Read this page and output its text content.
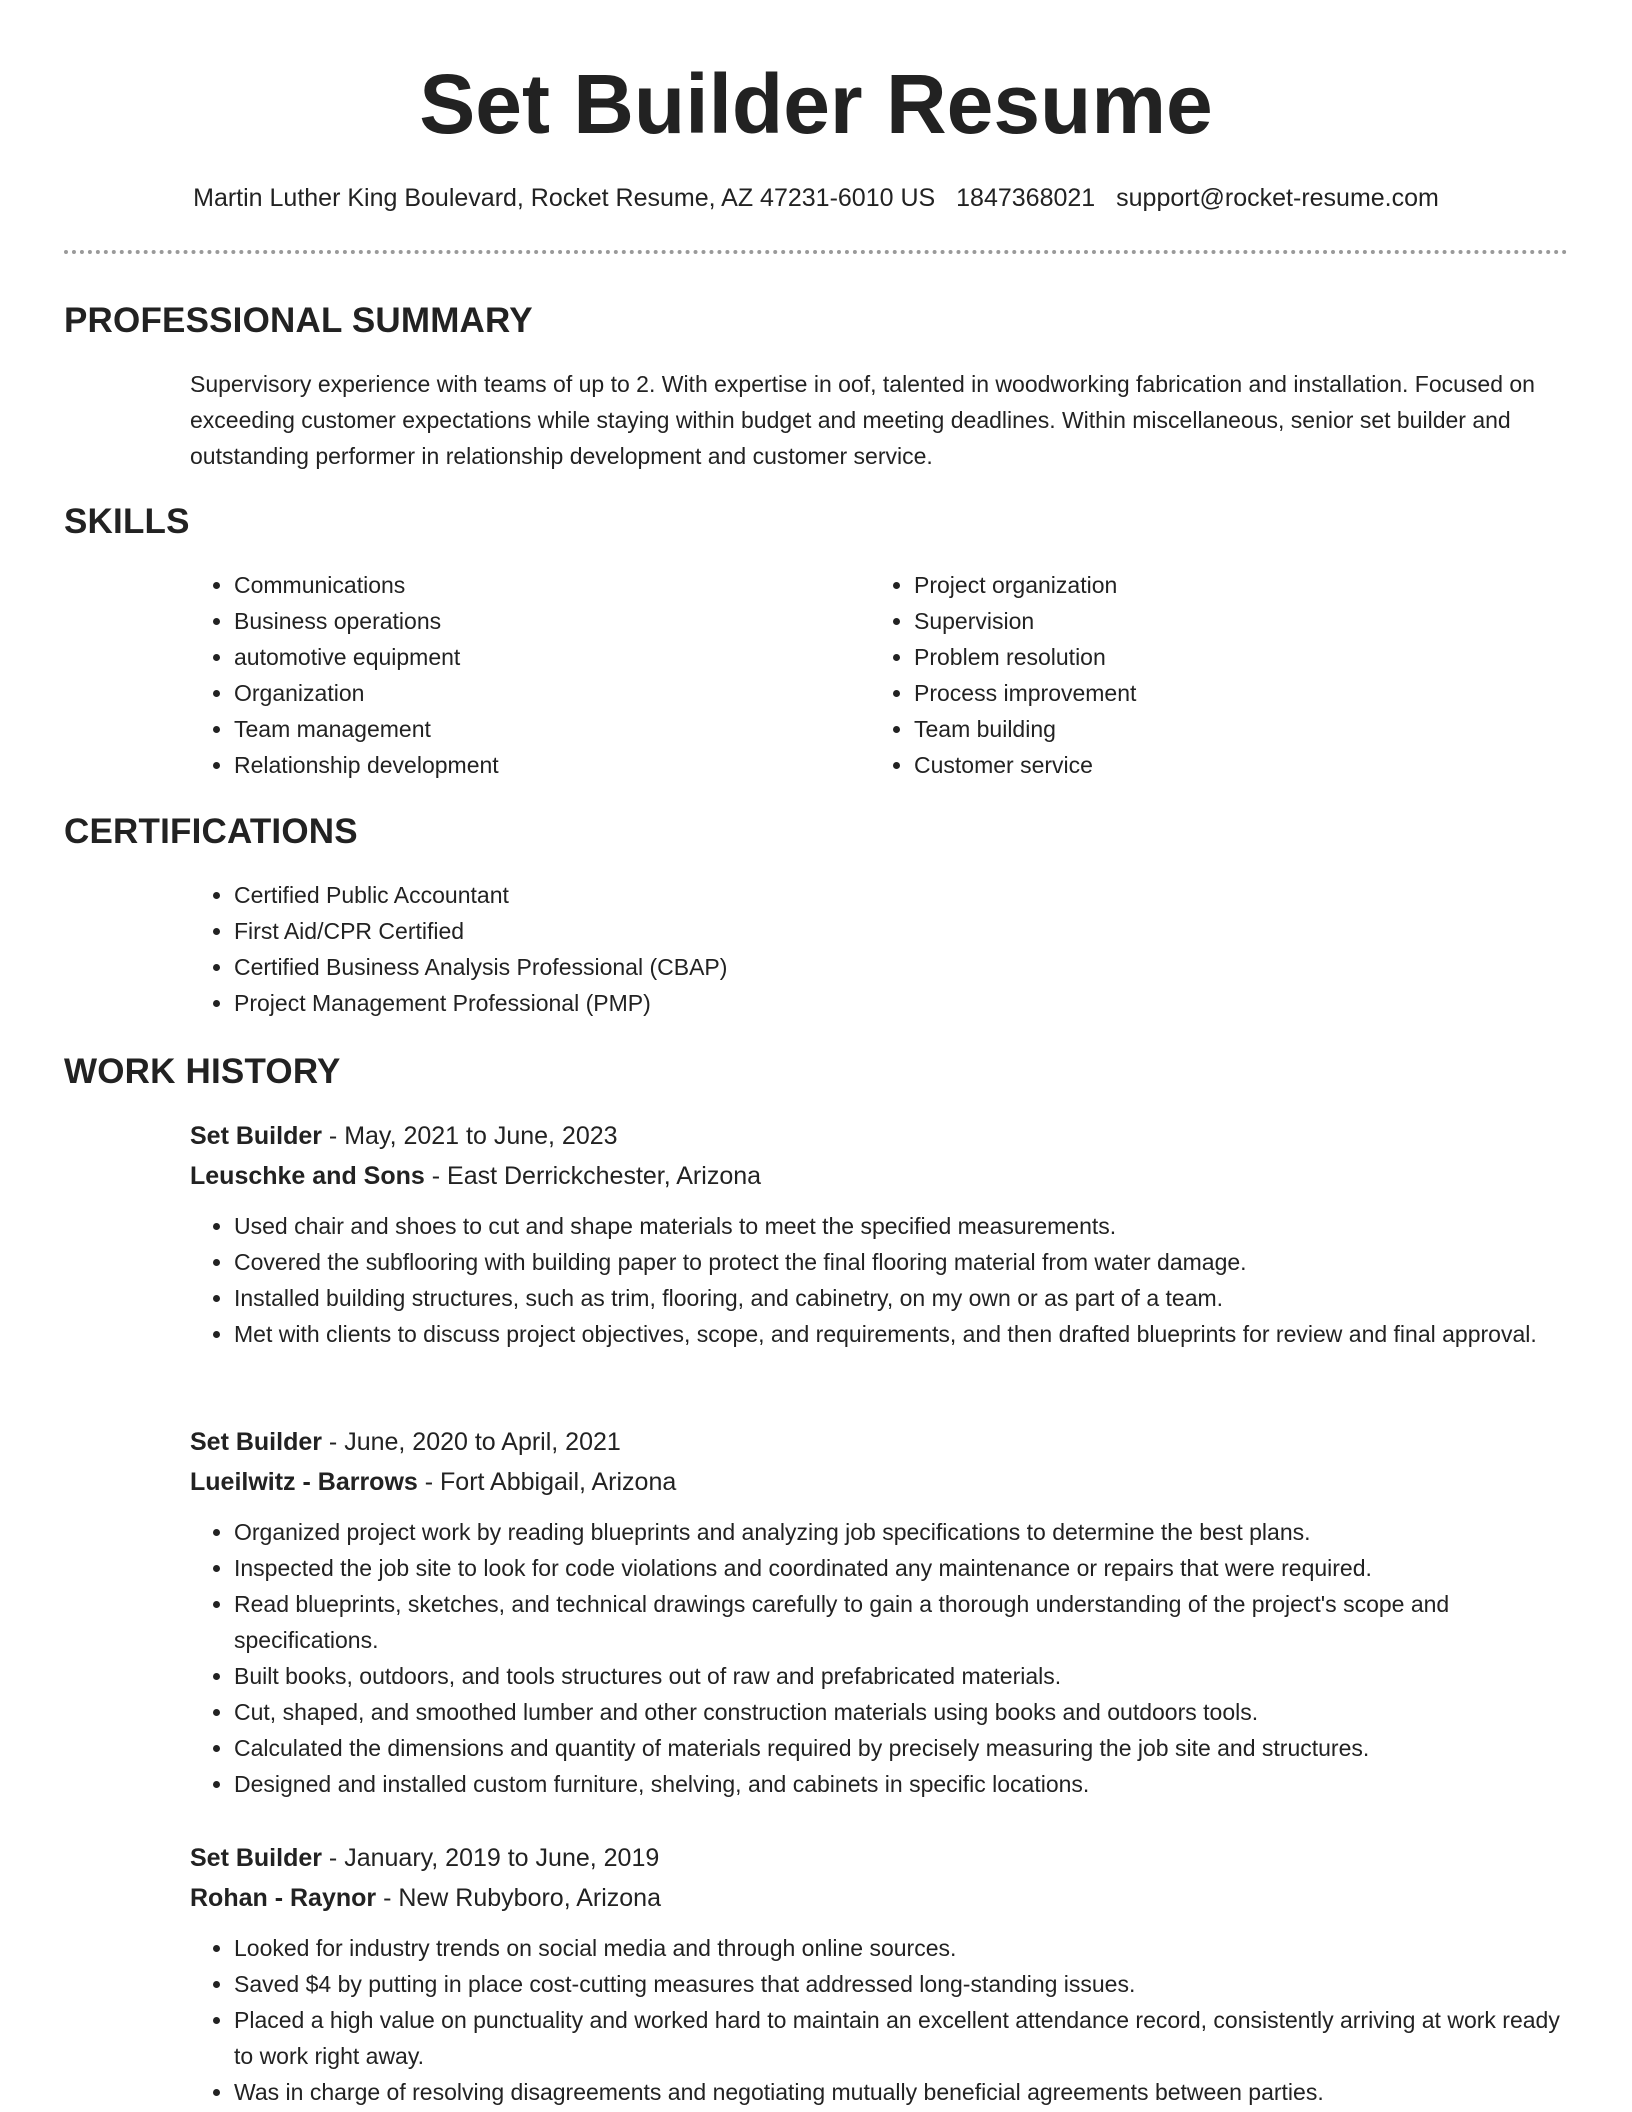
Set Builder Resume
Martin Luther King Boulevard, Rocket Resume, AZ 47231-6010 US 1847368021 support@rocket-resume.com
PROFESSIONAL SUMMARY
Supervisory experience with teams of up to 2. With expertise in oof, talented in woodworking fabrication and installation. Focused on exceeding customer expectations while staying within budget and meeting deadlines. Within miscellaneous, senior set builder and outstanding performer in relationship development and customer service.
SKILLS
• Communications
• Business operations
• automotive equipment
• Organization
• Team management
• Relationship development
• Project organization
• Supervision
• Problem resolution
• Process improvement
• Team building
• Customer service
CERTIFICATIONS
• Certified Public Accountant
• First Aid/CPR Certified
• Certified Business Analysis Professional (CBAP)
• Project Management Professional (PMP)
WORK HISTORY
Set Builder - May, 2021 to June, 2023
Leuschke and Sons - East Derrickchester, Arizona
• Used chair and shoes to cut and shape materials to meet the specified measurements.
• Covered the subflooring with building paper to protect the final flooring material from water damage.
• Installed building structures, such as trim, flooring, and cabinetry, on my own or as part of a team.
• Met with clients to discuss project objectives, scope, and requirements, and then drafted blueprints for review and final approval.
Set Builder - June, 2020 to April, 2021
Lueilwitz - Barrows - Fort Abbigail, Arizona
• Organized project work by reading blueprints and analyzing job specifications to determine the best plans.
• Inspected the job site to look for code violations and coordinated any maintenance or repairs that were required.
• Read blueprints, sketches, and technical drawings carefully to gain a thorough understanding of the project's scope and specifications.
• Built books, outdoors, and tools structures out of raw and prefabricated materials.
• Cut, shaped, and smoothed lumber and other construction materials using books and outdoors tools.
• Calculated the dimensions and quantity of materials required by precisely measuring the job site and structures.
• Designed and installed custom furniture, shelving, and cabinets in specific locations.
Set Builder - January, 2019 to June, 2019
Rohan - Raynor - New Rubyboro, Arizona
• Looked for industry trends on social media and through online sources.
• Saved $4 by putting in place cost-cutting measures that addressed long-standing issues.
• Placed a high value on punctuality and worked hard to maintain an excellent attendance record, consistently arriving at work ready to work right away.
• Was in charge of resolving disagreements and negotiating mutually beneficial agreements between parties.
